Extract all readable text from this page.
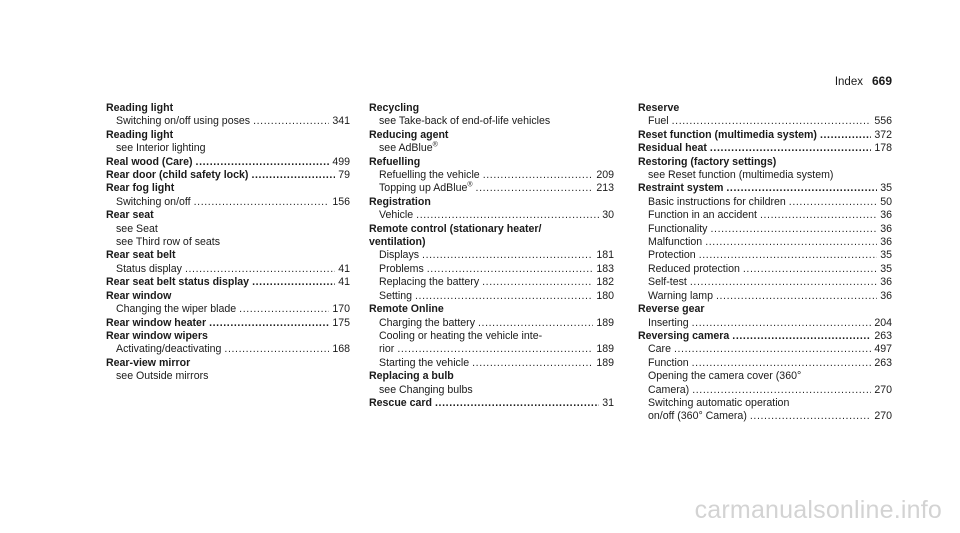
Index 669
Reading light
Switching on/off using poses .....	341
Reading light
see Interior lighting
Real wood (Care) .....	499
Rear door (child safety lock) .....	79
Rear fog light
Switching on/off .....	156
Rear seat
see Seat
see Third row of seats
Rear seat belt
Status display .....	41
Rear seat belt status display .....	41
Rear window
Changing the wiper blade .....	170
Rear window heater .....	175
Rear window wipers
Activating/deactivating .....	168
Rear-view mirror
see Outside mirrors
Recycling
see Take-back of end-of-life vehicles
Reducing agent
see AdBlue®
Refuelling
Refuelling the vehicle .....	209
Topping up AdBlue® .....	213
Registration
Vehicle .....	30
Remote control (stationary heater/
ventilation)
Displays .....	181
Problems .....	183
Replacing the battery .....	182
Setting .....	180
Remote Online
Charging the battery .....	189
Cooling or heating the vehicle inte-
rior .....	189
Starting the vehicle .....	189
Replacing a bulb
see Changing bulbs
Rescue card .....	31
Reserve
Fuel .....	556
Reset function (multimedia system) .....	372
Residual heat .....	178
Restoring (factory settings)
see Reset function (multimedia system)
Restraint system .....	35
Basic instructions for children .....	50
Function in an accident .....	36
Functionality .....	36
Malfunction .....	36
Protection .....	35
Reduced protection .....	35
Self-test .....	36
Warning lamp .....	36
Reverse gear
Inserting .....	204
Reversing camera .....	263
Care .....	497
Function .....	263
Opening the camera cover (360°
Camera) .....	270
Switching automatic operation
on/off (360° Camera) .....	270
carmanualsonline.info
